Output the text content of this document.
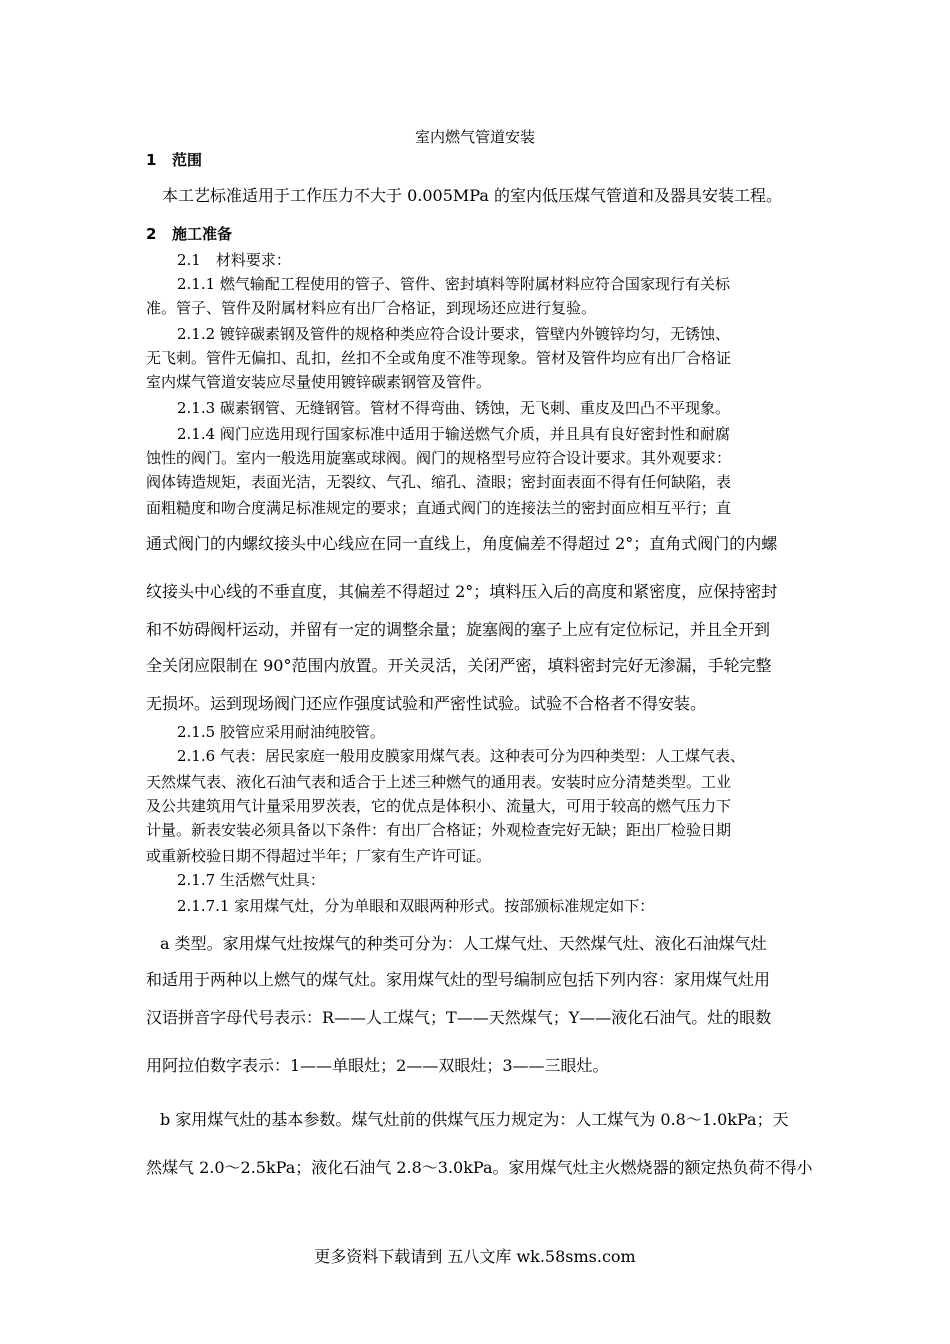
室内燃气管道安装
1 范围
本工艺标准适用于工作压力不大于 0.005MPa 的室内低压煤气管道和及器具安装工程。
2 施工准备
2.1　材料要求：
2.1.1 燃气输配工程使用的管子、管件、密封填料等附属材料应符合国家现行有关标
准。管子、管件及附属材料应有出厂合格证，到现场还应进行复验。
2.1.2 镀锌碳素钢及管件的规格种类应符合设计要求，管壁内外镀锌均匀，无锈蚀、
无飞刺。管件无偏扣、乱扣，丝扣不全或角度不准等现象。管材及管件均应有出厂合格证
室内煤气管道安装应尽量使用镀锌碳素钢管及管件。
2.1.3 碳素钢管、无缝钢管。管材不得弯曲、锈蚀，无飞刺、重皮及凹凸不平现象。
2.1.4 阀门应选用现行国家标准中适用于输送燃气介质，并且具有良好密封性和耐腐
蚀性的阀门。室内一般选用旋塞或球阀。阀门的规格型号应符合设计要求。其外观要求：
阀体铸造规矩，表面光洁，无裂纹、气孔、缩孔、渣眼；密封面表面不得有任何缺陷，表
面粗糙度和吻合度满足标准规定的要求；直通式阀门的连接法兰的密封面应相互平行；直
通式阀门的内螺纹接头中心线应在同一直线上，角度偏差不得超过 2°；直角式阀门的内螺
纹接头中心线的不垂直度，其偏差不得超过 2°；填料压入后的高度和紧密度，应保持密封
和不妨碍阀杆运动，并留有一定的调整余量；旋塞阀的塞子上应有定位标记，并且全开到
全关闭应限制在 90°范围内放置。开关灵活，关闭严密，填料密封完好无渗漏，手轮完整
无损坏。运到现场阀门还应作强度试验和严密性试验。试验不合格者不得安装。
2.1.5 胶管应采用耐油纯胶管。
2.1.6 气表：居民家庭一般用皮膜家用煤气表。这种表可分为四种类型：人工煤气表、
天然煤气表、液化石油气表和适合于上述三种燃气的通用表。安装时应分清楚类型。工业
及公共建筑用气计量采用罗茨表，它的优点是体积小、流量大，可用于较高的燃气压力下
计量。新表安装必须具备以下条件：有出厂合格证；外观检查完好无缺；距出厂检验日期
或重新校验日期不得超过半年；厂家有生产许可证。
2.1.7 生活燃气灶具：
2.1.7.1 家用煤气灶，分为单眼和双眼两种形式。按部颁标准规定如下：
a 类型。家用煤气灶按煤气的种类可分为：人工煤气灶、天然煤气灶、液化石油煤气灶
和适用于两种以上燃气的煤气灶。家用煤气灶的型号编制应包括下列内容：家用煤气灶用
汉语拼音字母代号表示：R——人工煤气；T——天然煤气；Y——液化石油气。灶的眼数
用阿拉伯数字表示：1——单眼灶；2——双眼灶；3——三眼灶。
b 家用煤气灶的基本参数。煤气灶前的供煤气压力规定为：人工煤气为 0.8～1.0kPa；天
然煤气 2.0～2.5kPa；液化石油气 2.8～3.0kPa。家用煤气灶主火燃烧器的额定热负荷不得小
更多资料下载请到 五八文库 wk.58sms.com
